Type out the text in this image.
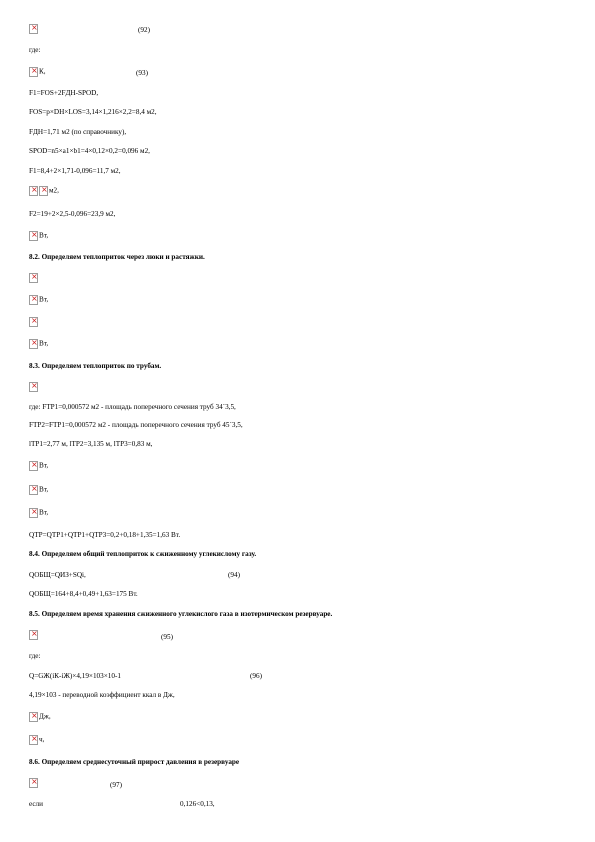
×
(92)
где:
×К,	(93)
F1=FOS+2FДН-SPOD,
FOS=p×DH×LOS=3,14×1,216×2,2=8,4 м2,
FДН=1,71 м2 (по справочнику),
SPOD=n5×a1×b1=4×0,12×0,2=0,096 м2,
F1=8,4+2×1,71-0,096=11,7 м2,
××м2,
F2=19+2×2,5-0,096=23,9 м2,
×Вт,
8.2. Определяем теплоприток через люки и растяжки.
×
×Вт,
×
×Вт,
8.3. Определяем теплоприток по трубам.
×
где: FTP1=0,000572 м2 - площадь поперечного сечения труб 34´3,5,
FTP2=FTP1=0,000572 м2 - площадь поперечного сечения труб 45´3,5,
lTP1=2,77 м, lTP2=3,135 м, lTP3=0,83 м,
×Вт,
×Вт,
×Вт,
QTP=QTP1+QTP1+QTP3=0,2+0,18+1,35=1,63 Вт.
8.4. Определяем общий теплоприток к сжиженному углекислому газу.
QOБЩ=QИЗ+SQi,	(94)
QOБЩ=164+8,4+0,49+1,63=175 Вт.
8.5. Определяем время хранения сжиженного углекислого газа в изотермическом резервуаре.
×
(95)
где:
Q=GЖ(iК-iЖ)×4,19×103×10-1	(96)
4,19×103 - переводной коэффициент ккал в Дж,
×Дж,
×ч,
8.6. Определяем среднесуточный прирост давления в резервуаре
×
(97)
если	0,126<0,13,
